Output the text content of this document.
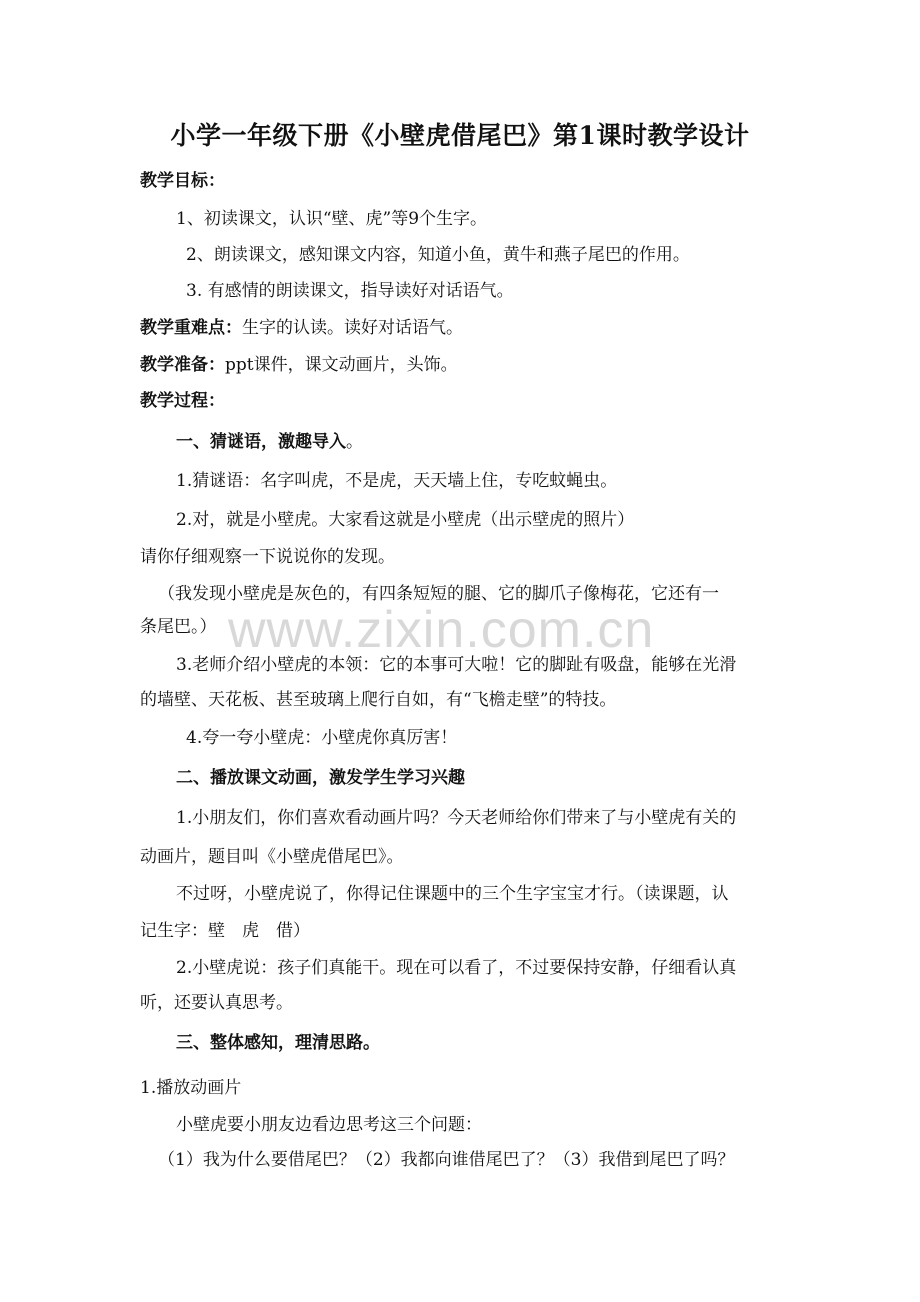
www.zixin.com.cn
小学一年级下册《小壁虎借尾巴》第1课时教学设计
教学目标：
1、初读课文，认识“壁、虎”等9个生字。
2、朗读课文，感知课文内容，知道小鱼，黄牛和燕子尾巴的作用。
3. 有感情的朗读课文，指导读好对话语气。
教学重难点：生字的认读。读好对话语气。
教学准备：ppt课件，课文动画片，头饰。
教学过程：
一、猜谜语，激趣导入。
1.猜谜语：名字叫虎，不是虎，天天墙上住，专吃蚊蝇虫。
2.对，就是小壁虎。大家看这就是小壁虎（出示壁虎的照片）
请你仔细观察一下说说你的发现。
（我发现小壁虎是灰色的，有四条短短的腿、它的脚爪子像梅花，它还有一
条尾巴。）
3.老师介绍小壁虎的本领：它的本事可大啦！它的脚趾有吸盘，能够在光滑
的墙壁、天花板、甚至玻璃上爬行自如，有“飞檐走壁”的特技。
4.夸一夸小壁虎：小壁虎你真厉害！
二、播放课文动画，激发学生学习兴趣
1.小朋友们，你们喜欢看动画片吗？今天老师给你们带来了与小壁虎有关的
动画片，题目叫《小壁虎借尾巴》。
不过呀，小壁虎说了，你得记住课题中的三个生字宝宝才行。（读课题，认
记生字：壁　虎　借）
2.小壁虎说：孩子们真能干。现在可以看了，不过要保持安静，仔细看认真
听，还要认真思考。
三、整体感知，理清思路。
1.播放动画片
小壁虎要小朋友边看边思考这三个问题：
（1）我为什么要借尾巴？（2）我都向谁借尾巴了？（3）我借到尾巴了吗？
